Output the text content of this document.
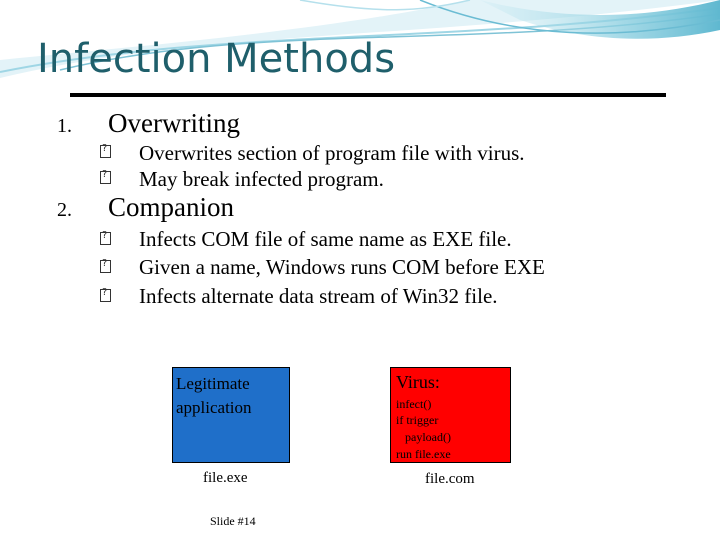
Infection Methods
1. Overwriting
?
Overwrites section of program file with virus.
?
May break infected program.
2. Companion
?
Infects COM file of same name as EXE file.
?
Given a name, Windows runs COM before EXE
?
Infects alternate data stream of Win32 file.
Legitimate application
Virus:
infect()
if trigger
payload()
run file.exe
file.exe	file.com
Slide #14
